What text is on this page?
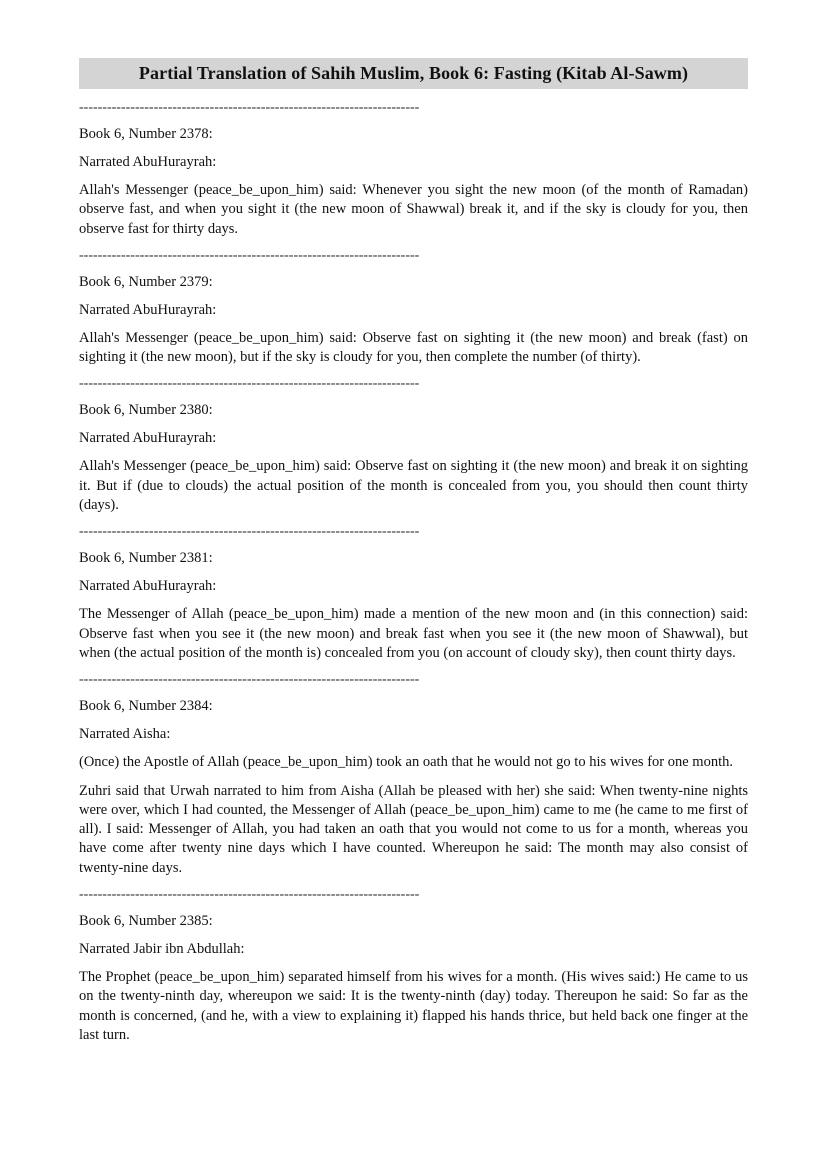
Partial Translation of Sahih Muslim, Book 6: Fasting (Kitab Al-Sawm)
-------------------------------------------------------------------------

Book 6, Number 2378:

Narrated AbuHurayrah:

Allah's Messenger (peace_be_upon_him) said: Whenever you sight the new moon (of the month of Ramadan) observe fast, and when you sight it (the new moon of Shawwal) break it, and if the sky is cloudy for you, then observe fast for thirty days.

-------------------------------------------------------------------------

Book 6, Number 2379:

Narrated AbuHurayrah:

Allah's Messenger (peace_be_upon_him) said: Observe fast on sighting it (the new moon) and break (fast) on sighting it (the new moon), but if the sky is cloudy for you, then complete the number (of thirty).

-------------------------------------------------------------------------

Book 6, Number 2380:

Narrated AbuHurayrah:

Allah's Messenger (peace_be_upon_him) said: Observe fast on sighting it (the new moon) and break it on sighting it. But if (due to clouds) the actual position of the month is concealed from you, you should then count thirty (days).

-------------------------------------------------------------------------

Book 6, Number 2381:

Narrated AbuHurayrah:

The Messenger of Allah (peace_be_upon_him) made a mention of the new moon and (in this connection) said: Observe fast when you see it (the new moon) and break fast when you see it (the new moon of Shawwal), but when (the actual position of the month is) concealed from you (on account of cloudy sky), then count thirty days.

-------------------------------------------------------------------------

Book 6, Number 2384:

Narrated Aisha:

(Once) the Apostle of Allah (peace_be_upon_him) took an oath that he would not go to his wives for one month.

Zuhri said that Urwah narrated to him from Aisha (Allah be pleased with her) she said: When twenty-nine nights were over, which I had counted, the Messenger of Allah (peace_be_upon_him) came to me (he came to me first of all). I said: Messenger of Allah, you had taken an oath that you would not come to us for a month, whereas you have come after twenty nine days which I have counted. Whereupon he said: The month may also consist of twenty-nine days.

-------------------------------------------------------------------------

Book 6, Number 2385:

Narrated Jabir ibn Abdullah:

The Prophet (peace_be_upon_him) separated himself from his wives for a month. (His wives said:) He came to us on the twenty-ninth day, whereupon we said: It is the twenty-ninth (day) today. Thereupon he said: So far as the month is concerned, (and he, with a view to explaining it) flapped his hands thrice, but held back one finger at the last turn.
